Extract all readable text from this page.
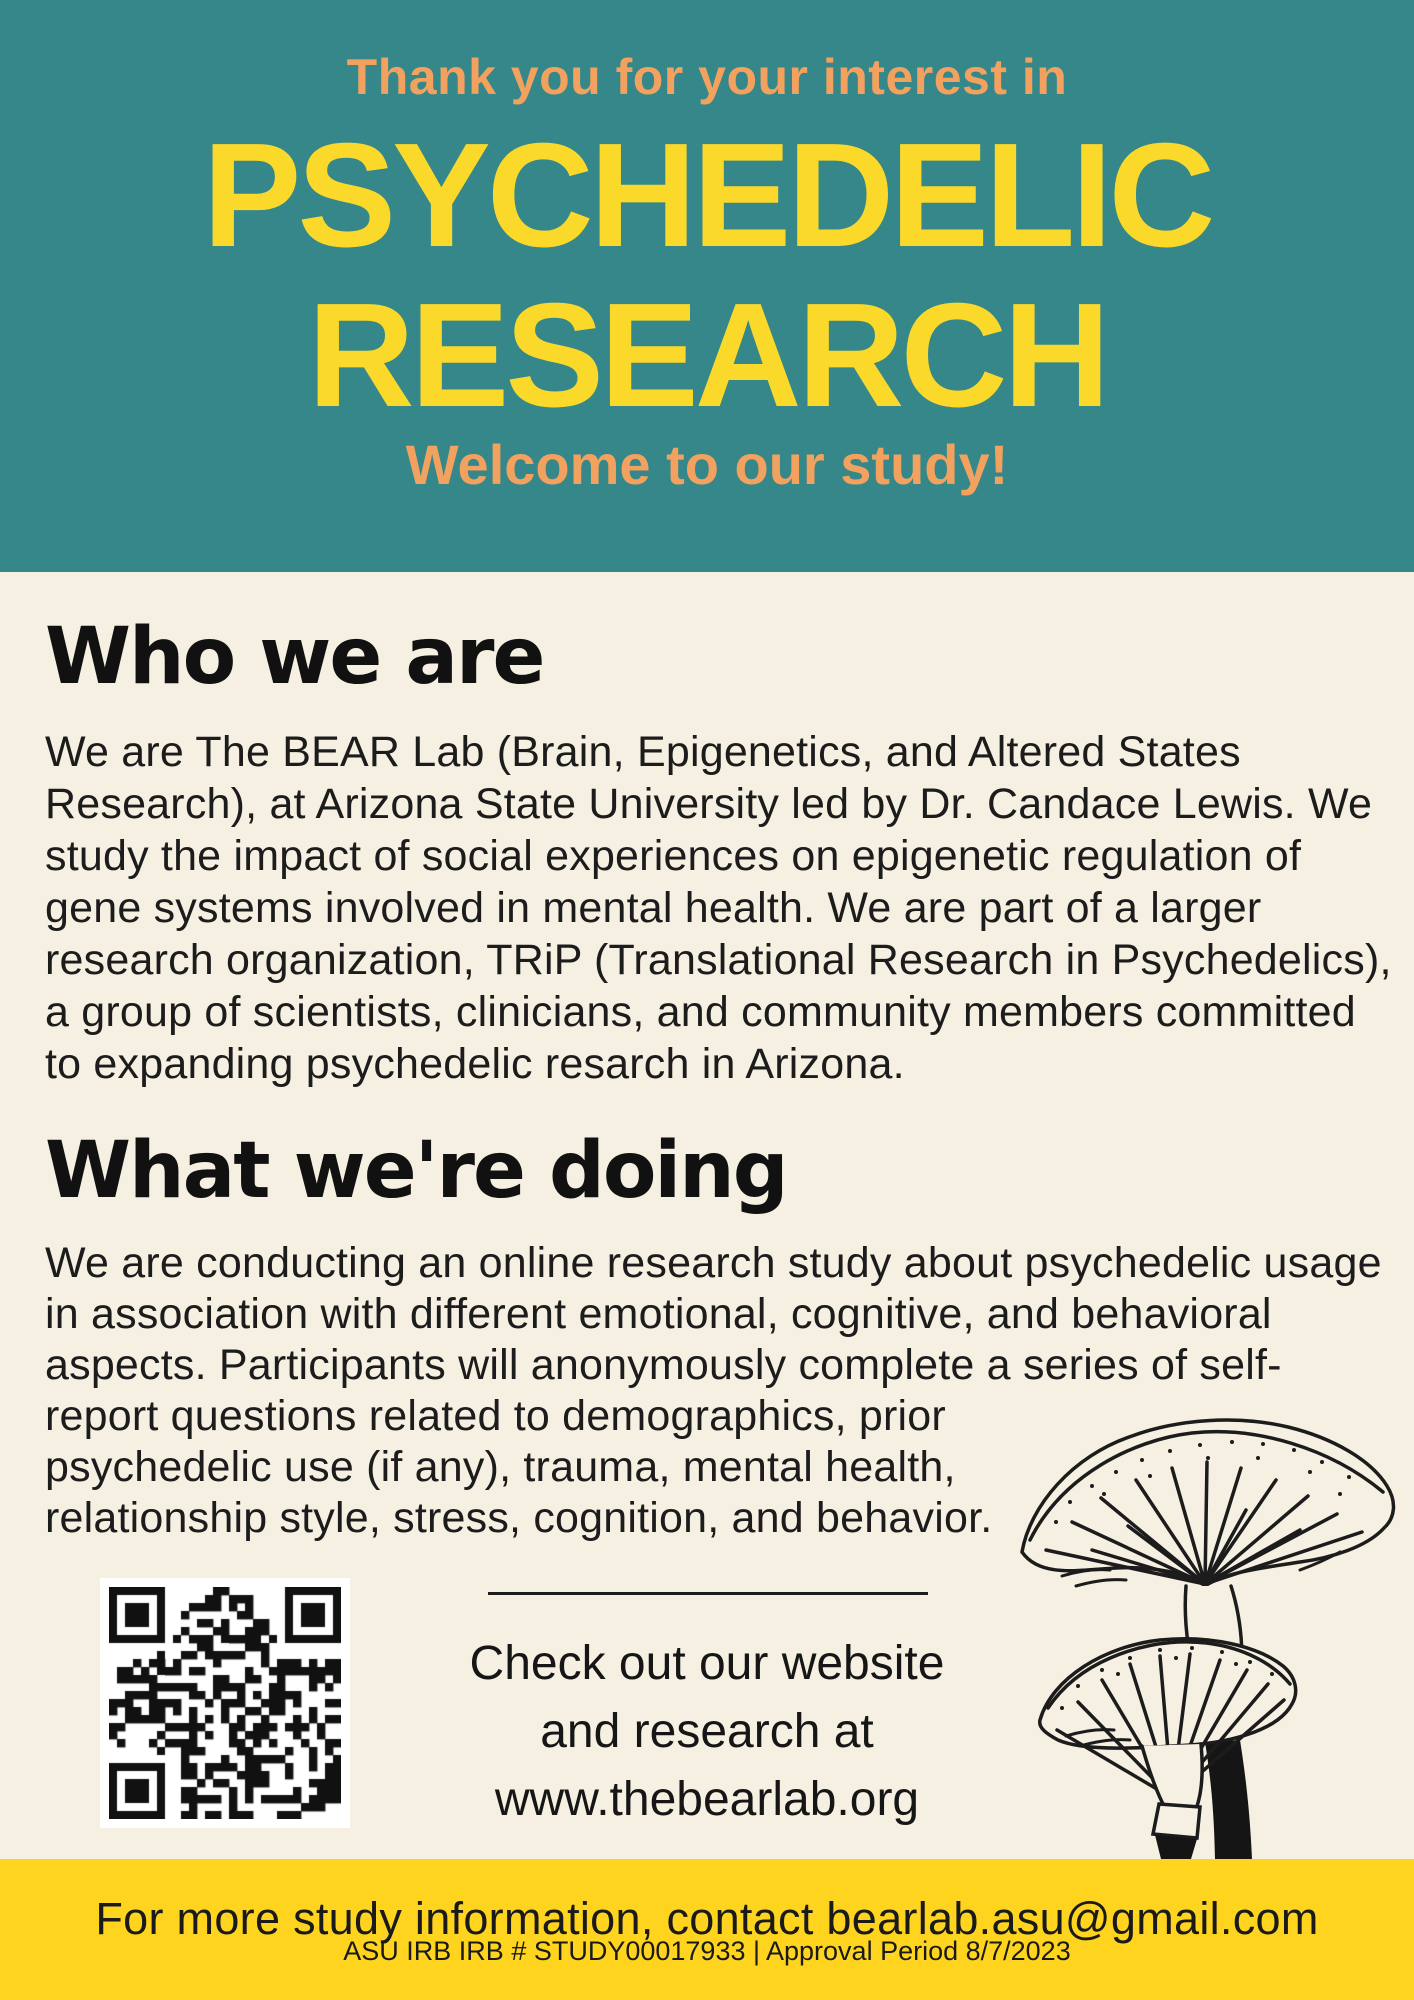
Thank you for your interest in
PSYCHEDELIC
RESEARCH
Welcome to our study!
Who we are
We are The BEAR Lab (Brain, Epigenetics, and Altered States
Research), at Arizona State University led by Dr. Candace Lewis. We
study the impact of social experiences on epigenetic regulation of
gene systems involved in mental health. We are part of a larger
research organization, TRiP (Translational Research in Psychedelics),
a group of scientists, clinicians, and community members committed
to expanding psychedelic resarch in Arizona.
What we're doing
We are conducting an online research study about psychedelic usage
in association with different emotional, cognitive, and behavioral
aspects. Participants will anonymously complete a series of self-
report questions related to demographics, prior
psychedelic use (if any), trauma, mental health,
relationship style, stress, cognition, and behavior.
Check out our website
and research at
www.thebearlab.org
For more study information, contact bearlab.asu@gmail.com
ASU IRB IRB # STUDY00017933 | Approval Period 8/7/2023
